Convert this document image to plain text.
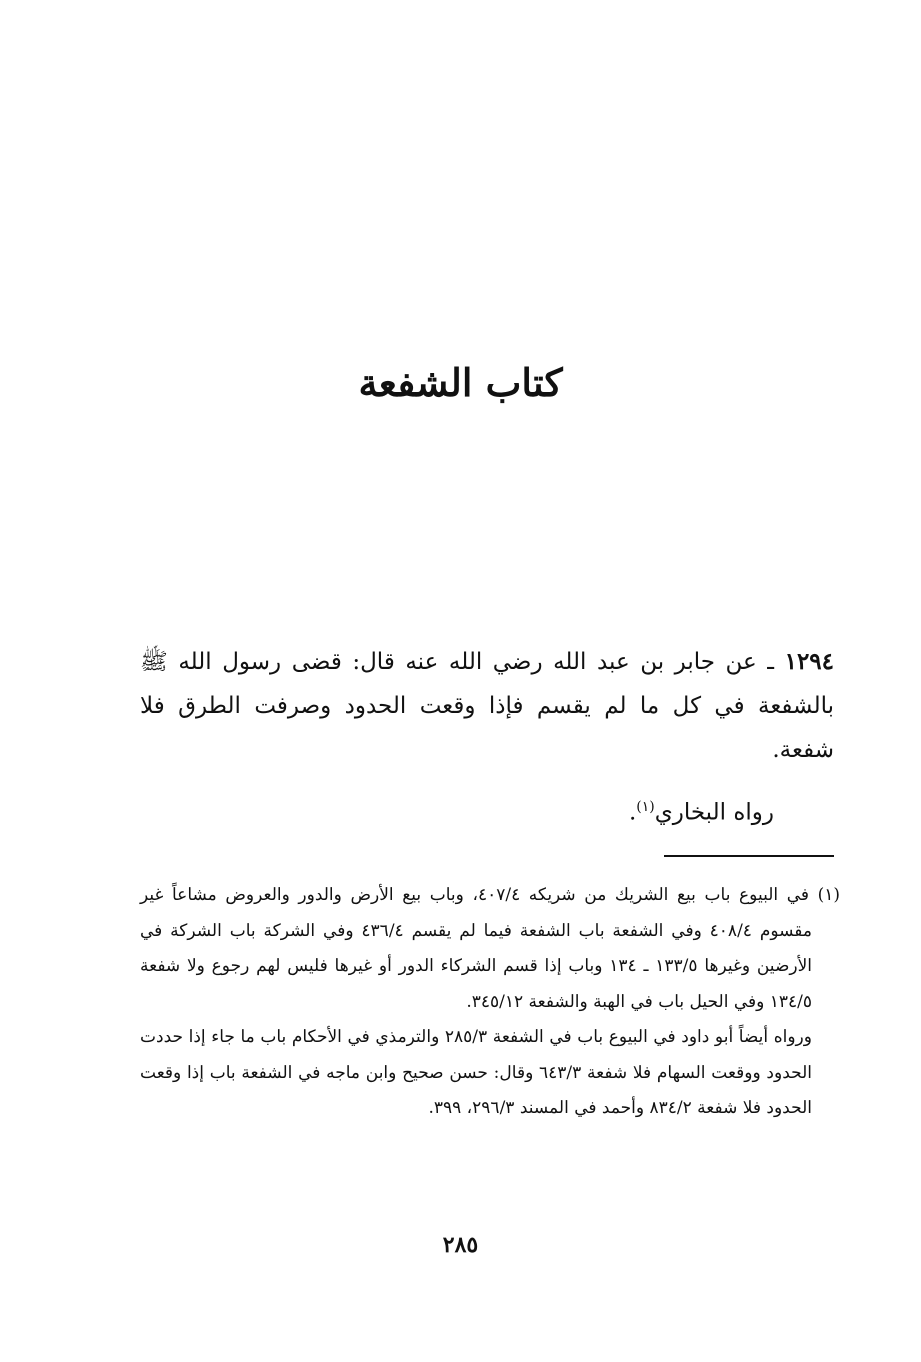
كتاب الشفعة

١٢٩٤ ـ عن جابر بن عبد الله رضي الله عنه قال: قضى رسول الله ﷺ بالشفعة في كل ما لم يقسم فإذا وقعت الحدود وصرفت الطرق فلا شفعة.

رواه البخاري$^{(١)}$.

(١) في البيوع باب بيع الشريك من شريكه ٤٠٧/٤، وباب بيع الأرض والدور والعروض مشاعاً غير مقسوم ٤٠٨/٤ وفي الشفعة باب الشفعة فيما لم يقسم ٤٣٦/٤ وفي الشركة باب الشركة في الأرضين وغيرها ١٣٣/٥ ـ ١٣٤ وباب إذا قسم الشركاء الدور أو غيرها فليس لهم رجوع ولا شفعة ١٣٤/٥ وفي الحيل باب في الهبة والشفعة ٣٤٥/١٢.

ورواه أيضاً أبو داود في البيوع باب في الشفعة ٢٨٥/٣ والترمذي في الأحكام باب ما جاء إذا حددت الحدود ووقعت السهام فلا شفعة ٦٤٣/٣ وقال: حسن صحيح وابن ماجه في الشفعة باب إذا وقعت الحدود فلا شفعة ٨٣٤/٢ وأحمد في المسند ٢٩٦/٣، ٣٩٩.

٢٨٥
